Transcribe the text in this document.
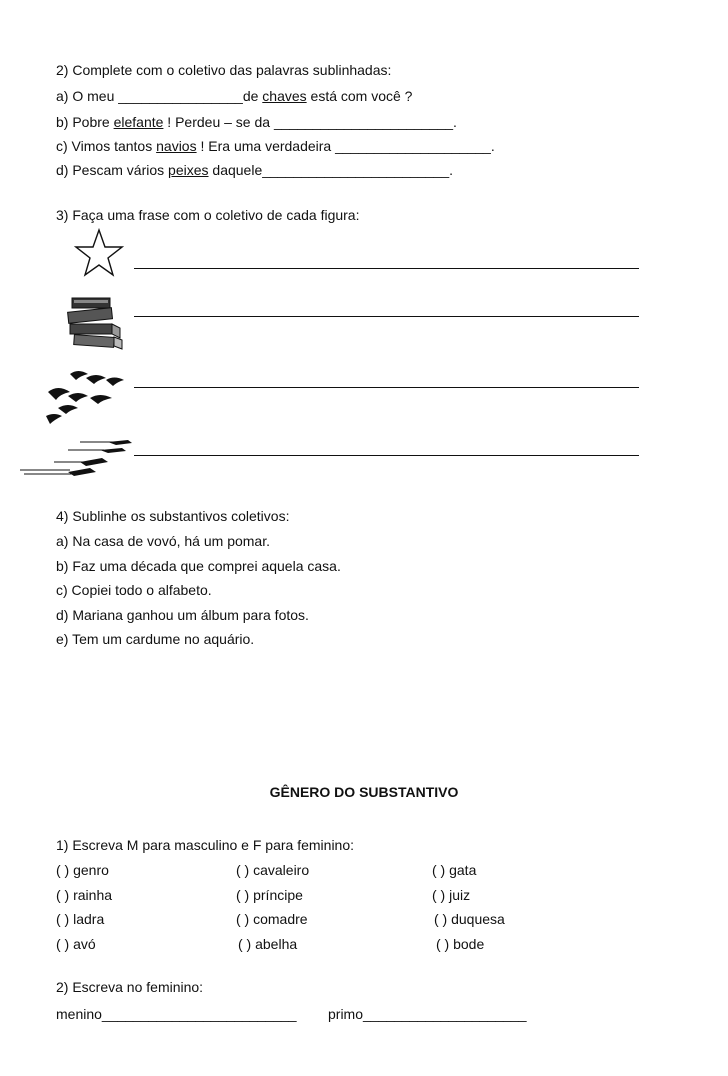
2) Complete com o coletivo das palavras sublinhadas:
a) O meu ________________de chaves está com você ?
b) Pobre elefante ! Perdeu – se da _______________________.
c) Vimos tantos navios ! Era uma verdadeira ____________________.
d) Pescam vários peixes daquele________________________.
3) Faça uma frase com o coletivo de cada figura:
4) Sublinhe os substantivos coletivos:
a) Na casa de vovó, há um pomar.
b) Faz uma década que comprei aquela casa.
c) Copiei todo o alfabeto.
d) Mariana ganhou um álbum para fotos.
e) Tem um cardume no aquário.
GÊNERO DO SUBSTANTIVO
1) Escreva M para masculino e F para feminino:
( ) genro	( ) cavaleiro	( ) gata
( ) rainha	( ) príncipe	( ) juiz
( ) ladra	( ) comadre	( ) duquesa
( ) avó	( ) abelha	( ) bode
2) Escreva no feminino:
menino_________________________ primo_____________________
